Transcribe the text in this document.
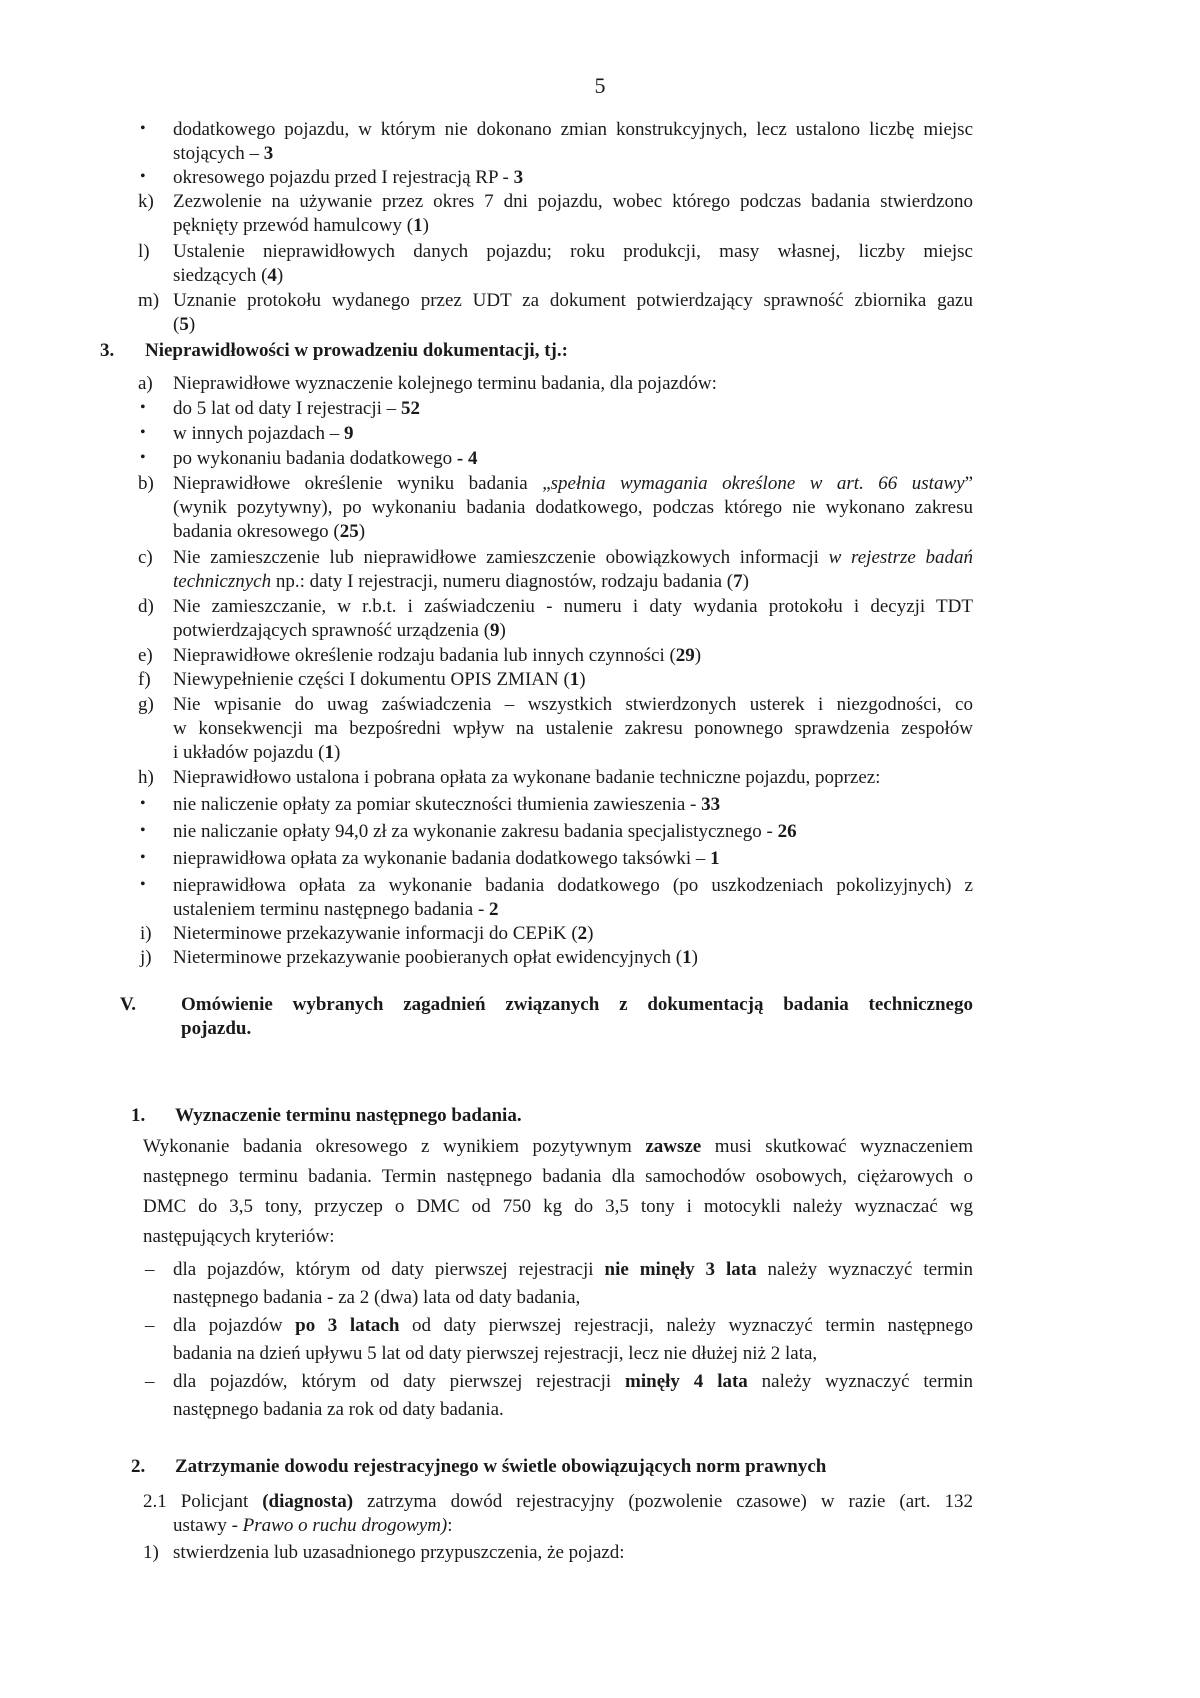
5
• dodatkowego pojazdu, w którym nie dokonano zmian konstrukcyjnych, lecz ustalono liczbę miejsc
stojących – 3
• okresowego pojazdu przed I rejestracją RP - 3
k) Zezwolenie na używanie przez okres 7 dni pojazdu, wobec którego podczas badania stwierdzono
pęknięty przewód hamulcowy (1)
l) Ustalenie nieprawidłowych danych pojazdu; roku produkcji, masy własnej, liczby miejsc
siedzących (4)
m) Uznanie protokołu wydanego przez UDT za dokument potwierdzający sprawność zbiornika gazu
(5)
3. Nieprawidłowości w prowadzeniu dokumentacji, tj.:
a) Nieprawidłowe wyznaczenie kolejnego terminu badania, dla pojazdów:
• do 5 lat od daty I rejestracji – 52
• w innych pojazdach – 9
• po wykonaniu badania dodatkowego - 4
b) Nieprawidłowe określenie wyniku badania „spełnia wymagania określone w art. 66 ustawy”
(wynik pozytywny), po wykonaniu badania dodatkowego, podczas którego nie wykonano zakresu
badania okresowego (25)
c) Nie zamieszczenie lub nieprawidłowe zamieszczenie obowiązkowych informacji w rejestrze badań
technicznych np.: daty I rejestracji, numeru diagnostów, rodzaju badania (7)
d) Nie zamieszczanie, w r.b.t. i zaświadczeniu - numeru i daty wydania protokołu i decyzji TDT
potwierdzających sprawność urządzenia (9)
e) Nieprawidłowe określenie rodzaju badania lub innych czynności (29)
f) Niewypełnienie części I dokumentu OPIS ZMIAN (1)
g) Nie wpisanie do uwag zaświadczenia – wszystkich stwierdzonych usterek i niezgodności, co
w konsekwencji ma bezpośredni wpływ na ustalenie zakresu ponownego sprawdzenia zespołów
i układów pojazdu (1)
h) Nieprawidłowo ustalona i pobrana opłata za wykonane badanie techniczne pojazdu, poprzez:
• nie naliczenie opłaty za pomiar skuteczności tłumienia zawieszenia - 33
• nie naliczanie opłaty 94,0 zł za wykonanie zakresu badania specjalistycznego - 26
• nieprawidłowa opłata za wykonanie badania dodatkowego taksówki – 1
• nieprawidłowa opłata za wykonanie badania dodatkowego (po uszkodzeniach pokolizyjnych) z
ustaleniem terminu następnego badania - 2
i) Nieterminowe przekazywanie informacji do CEPiK (2)
j) Nieterminowe przekazywanie poobieranych opłat ewidencyjnych (1)
V. Omówienie wybranych zagadnień związanych z dokumentacją badania technicznego
pojazdu.
1. Wyznaczenie terminu następnego badania.
Wykonanie badania okresowego z wynikiem pozytywnym zawsze musi skutkować wyznaczeniem
następnego terminu badania. Termin następnego badania dla samochodów osobowych, ciężarowych o
DMC do 3,5 tony, przyczep o DMC od 750 kg do 3,5 tony i motocykli należy wyznaczać wg
następujących kryteriów:
– dla pojazdów, którym od daty pierwszej rejestracji nie minęły 3 lata należy wyznaczyć termin
następnego badania - za 2 (dwa) lata od daty badania,
– dla pojazdów po 3 latach od daty pierwszej rejestracji, należy wyznaczyć termin następnego
badania na dzień upływu 5 lat od daty pierwszej rejestracji, lecz nie dłużej niż 2 lata,
– dla pojazdów, którym od daty pierwszej rejestracji minęły 4 lata należy wyznaczyć termin
następnego badania za rok od daty badania.
2. Zatrzymanie dowodu rejestracyjnego w świetle obowiązujących norm prawnych
2.1 Policjant (diagnosta) zatrzyma dowód rejestracyjny (pozwolenie czasowe) w razie (art. 132
ustawy - Prawo o ruchu drogowym):
1) stwierdzenia lub uzasadnionego przypuszczenia, że pojazd:
